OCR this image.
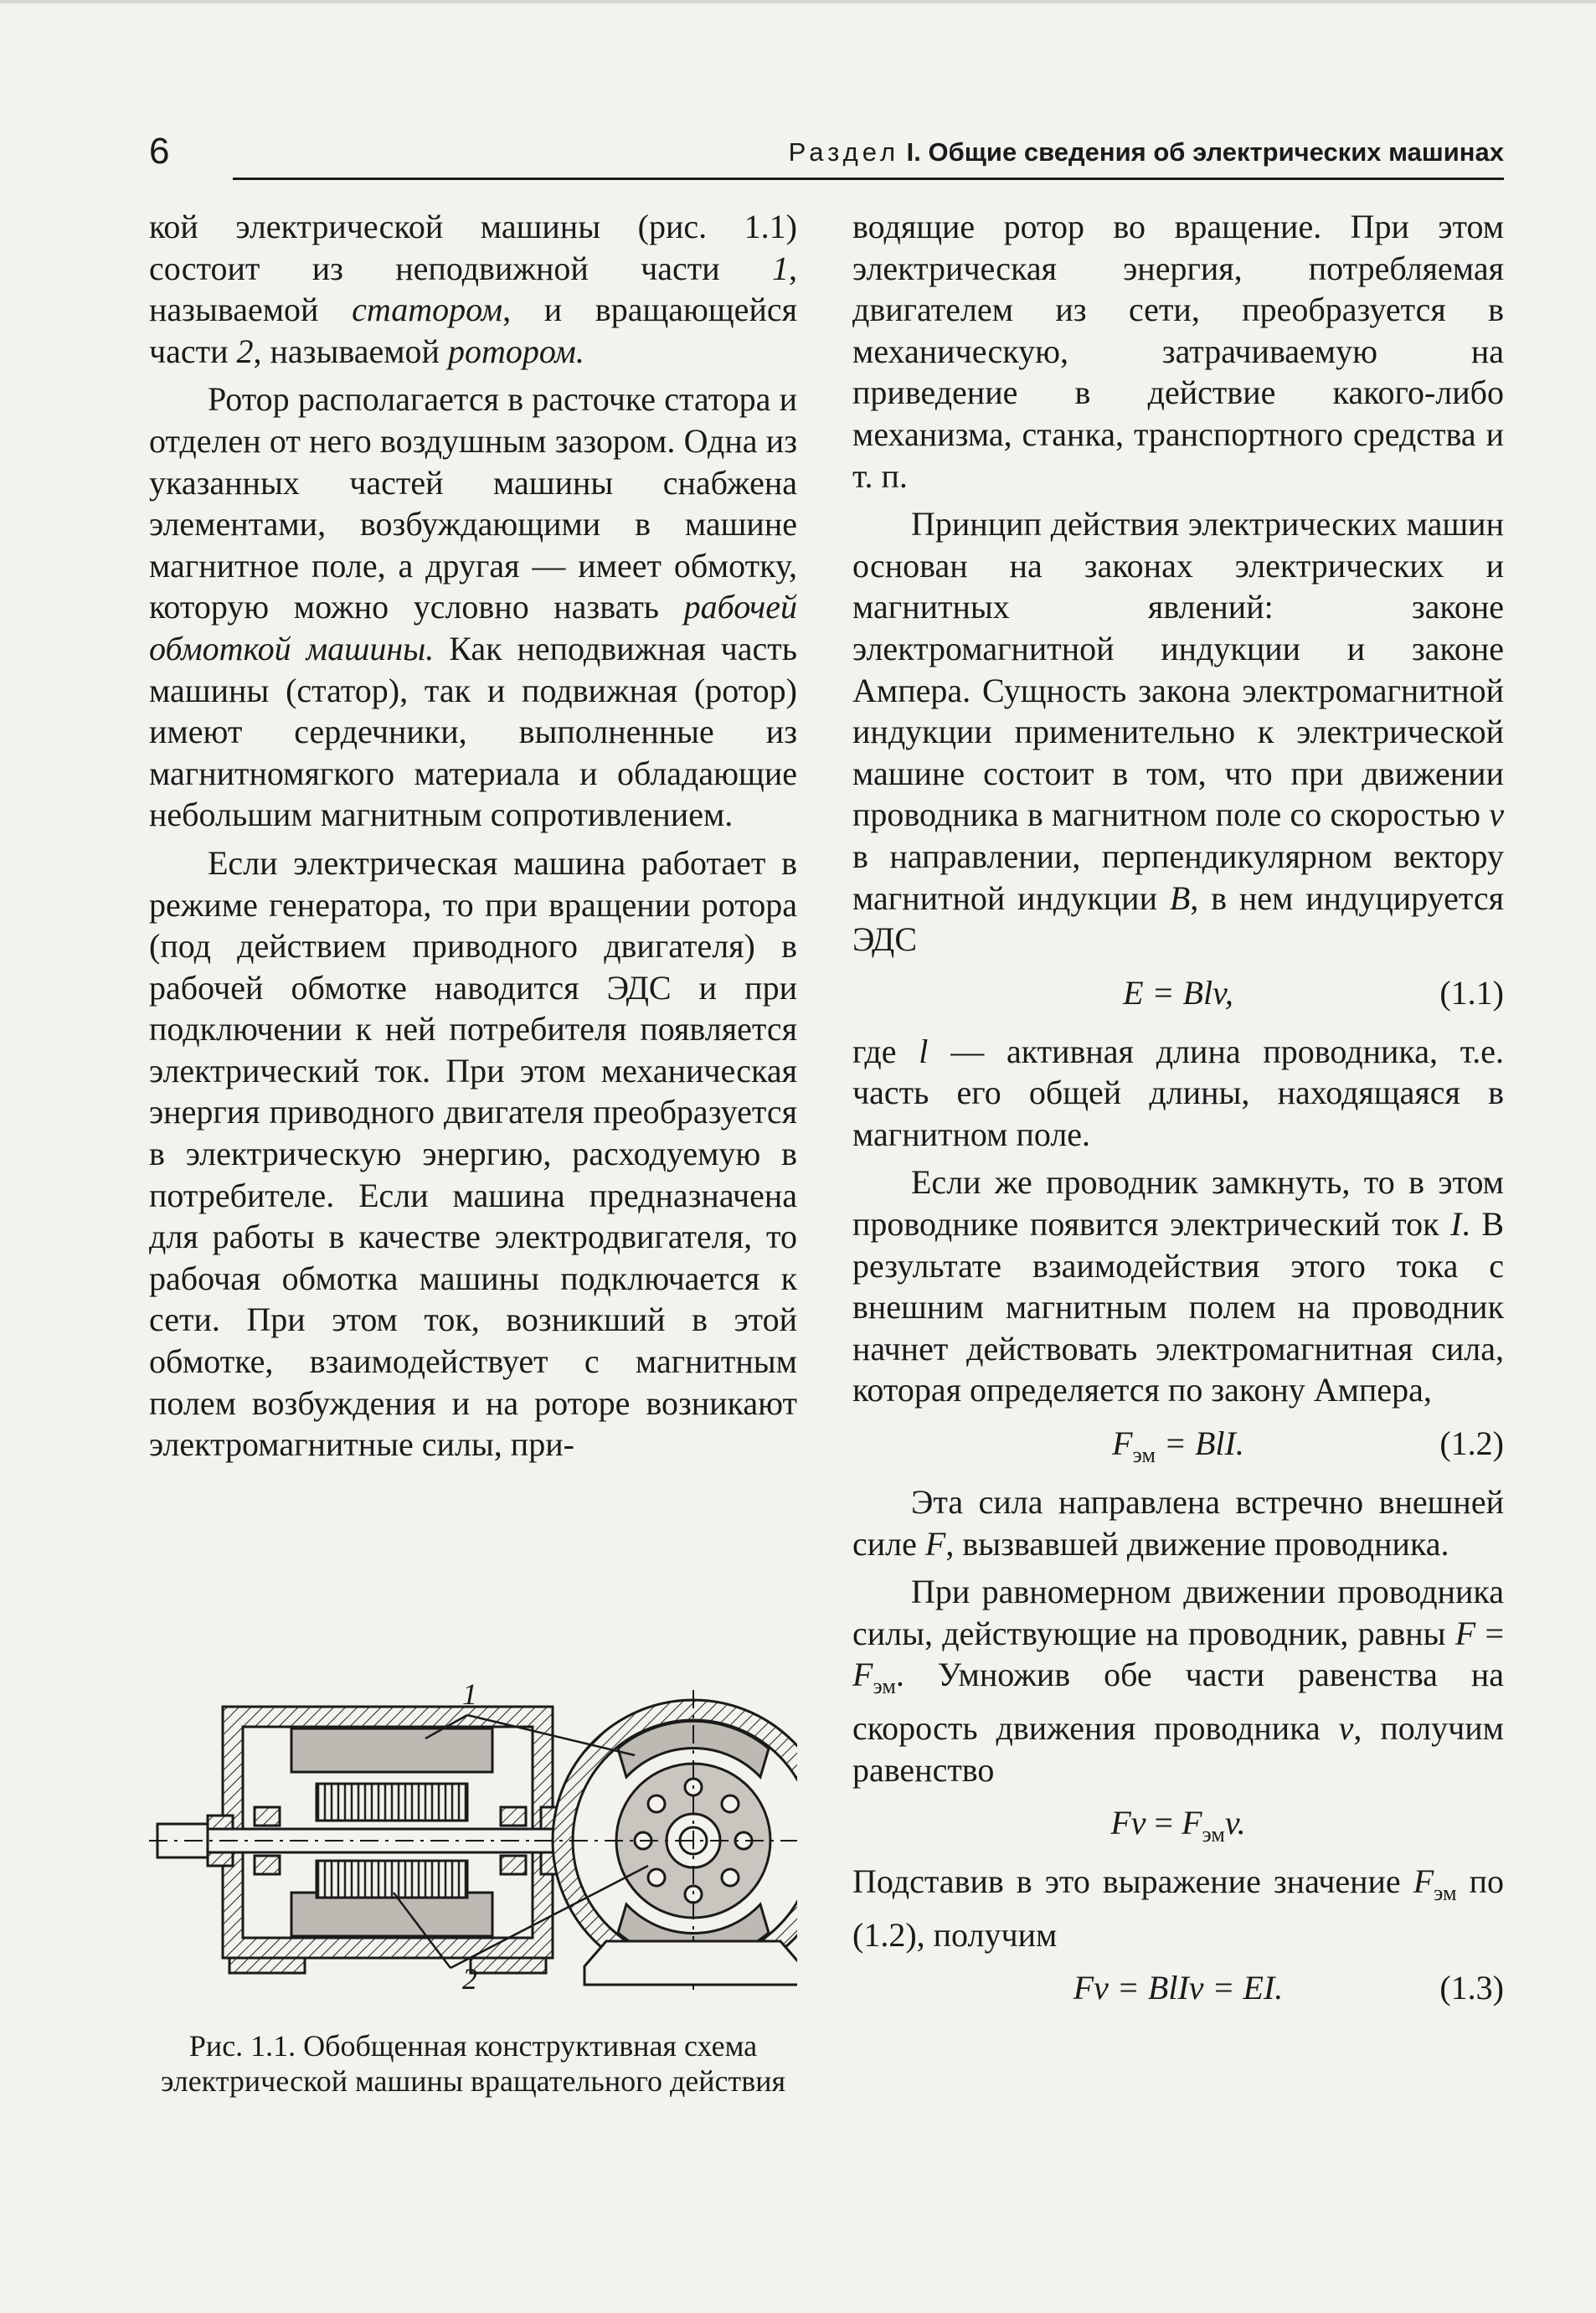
6	Раздел I. Общие сведения об электрических машинах

кой электрической машины (рис. 1.1) состоит из неподвижной части 1, называемой статором, и вращающейся части 2, называемой ротором.

Ротор располагается в расточке статора и отделен от него воздушным зазором. Одна из указанных частей машины снабжена элементами, возбуждающими в машине магнитное поле, а другая — имеет обмотку, которую можно условно назвать рабочей обмоткой машины. Как неподвижная часть машины (статор), так и подвижная (ротор) имеют сердечники, выполненные из магнитномягкого материала и обладающие небольшим магнитным сопротивлением.

Если электрическая машина работает в режиме генератора, то при вращении ротора (под действием приводного двигателя) в рабочей обмотке наводится ЭДС и при подключении к ней потребителя появляется электрический ток. При этом механическая энергия приводного двигателя преобразуется в электрическую энергию, расходуемую в потребителе. Если машина предназначена для работы в качестве электродвигателя, то рабочая обмотка машины подключается к сети. При этом ток, возникший в этой обмотке, взаимодействует с магнитным полем возбуждения и на роторе возникают электромагнитные силы, при-

водящие ротор во вращение. При этом электрическая энергия, потребляемая двигателем из сети, преобразуется в механическую, затрачиваемую на приведение в действие какого-либо механизма, станка, транспортного средства и т. п.

Принцип действия электрических машин основан на законах электрических и магнитных явлений: законе электромагнитной индукции и законе Ампера. Сущность закона электромагнитной индукции применительно к электрической машине состоит в том, что при движении проводника в магнитном поле со скоростью v в направлении, перпендикулярном вектору магнитной индукции B, в нем индуцируется ЭДС

E = Blv,	(1.1)

где l — активная длина проводника, т.е. часть его общей длины, находящаяся в магнитном поле.

Если же проводник замкнуть, то в этом проводнике появится электрический ток I. В результате взаимодействия этого тока с внешним магнитным полем на проводник начнет действовать электромагнитная сила, которая определяется по закону Ампера,

$F_{эм}$ = BlI.	(1.2)

Эта сила направлена встречно внешней силе F, вызвавшей движение проводника.

При равномерном движении проводника силы, действующие на проводник, равны $F = F_{эм}$. Умножив обе части равенства на скорость движения проводника v, получим равенство

$Fv = F_{эм}v$.

Подставив в это выражение значение $F_{эм}$ по (1.2), получим

Fv = BlIv = EI.	(1.3)
1
2
Рис. 1.1. Обобщенная конструктивная схема электрической машины вращательного действия
